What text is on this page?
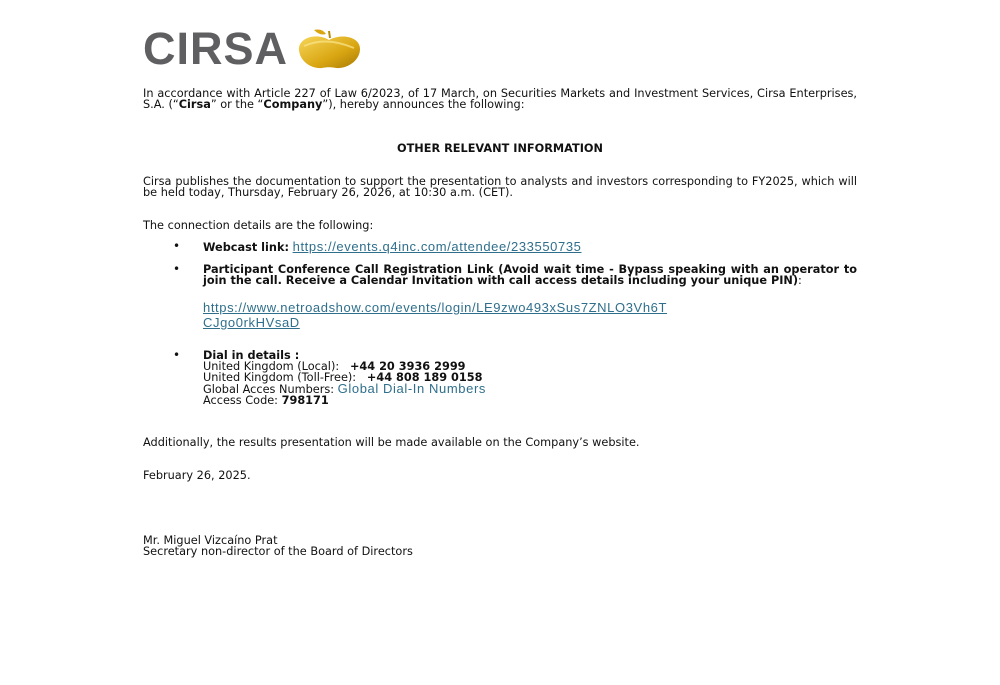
CIRSA

In accordance with Article 227 of Law 6/2023, of 17 March, on Securities Markets and Investment Services, Cirsa Enterprises, S.A. (“Cirsa” or the “Company”), hereby announces the following:

OTHER RELEVANT INFORMATION

Cirsa publishes the documentation to support the presentation to analysts and investors corresponding to FY2025, which will be held today, Thursday, February 26, 2026, at 10:30 a.m. (CET).

The connection details are the following:

• Webcast link: https://events.q4inc.com/attendee/233550735
• Participant Conference Call Registration Link (Avoid wait time - Bypass speaking with an operator to join the call. Receive a Calendar Invitation with call access details including your unique PIN):
https://www.netroadshow.com/events/login/LE9zwo493xSus7ZNLO3Vh6T
CJgo0rkHVsaD
• Dial in details :
United Kingdom (Local): +44 20 3936 2999
United Kingdom (Toll-Free): +44 808 189 0158
Global Acces Numbers: Global Dial-In Numbers
Access Code: 798171

Additionally, the results presentation will be made available on the Company’s website.

February 26, 2025.

Mr. Miguel Vizcaíno Prat

Secretary non-director of the Board of Directors
